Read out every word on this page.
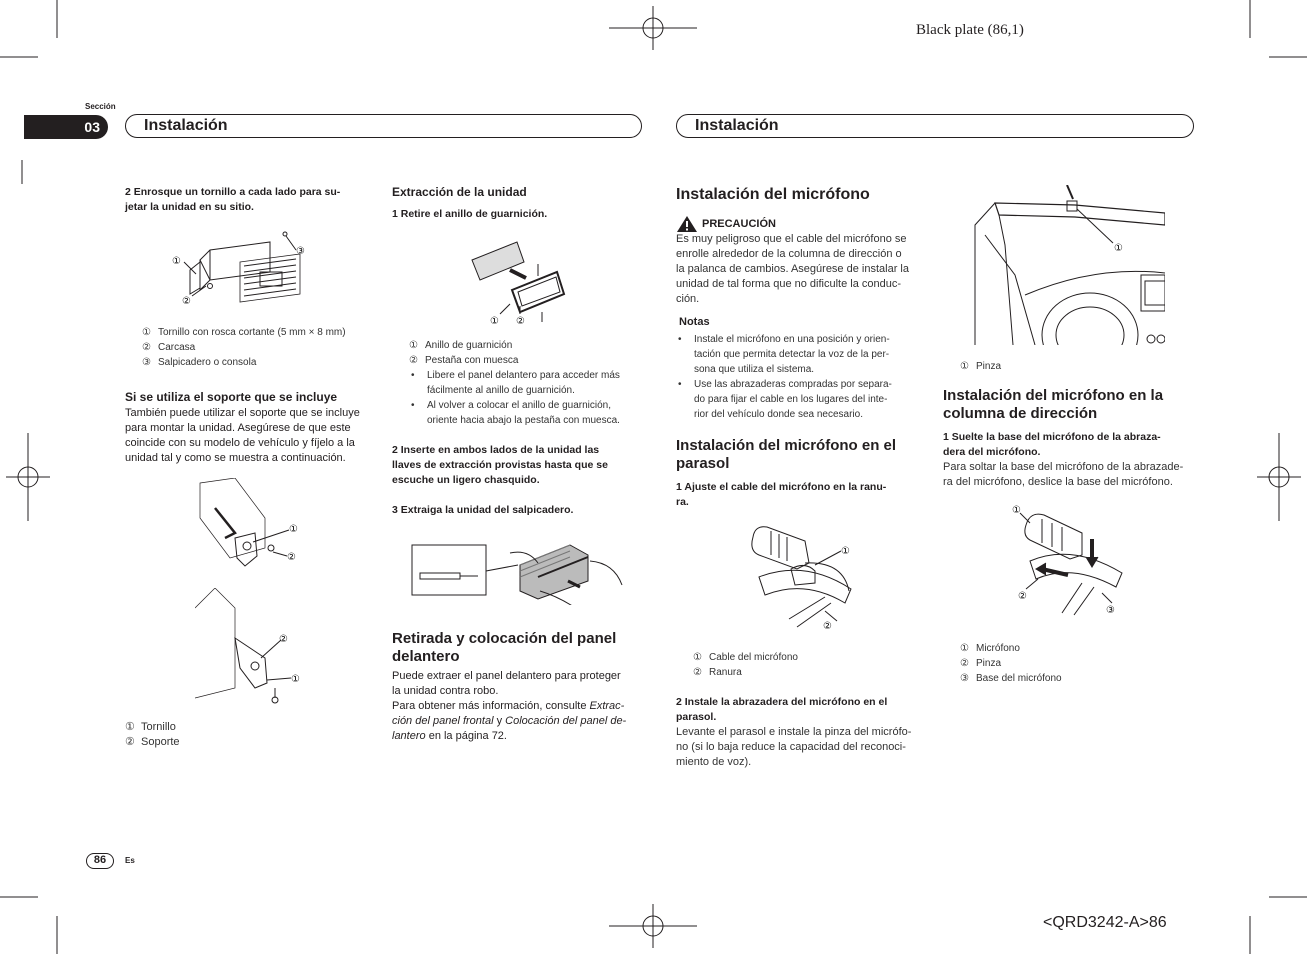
Black plate (86,1)
<QRD3242-A>86
Sección
03	Instalación	Instalación
2 Enrosque un tornillo a cada lado para su-
jetar la unidad en su sitio.
①
②
③
① Tornillo con rosca cortante (5 mm × 8 mm)
② Carcasa
③ Salpicadero o consola
Si se utiliza el soporte que se incluye

También puede utilizar el soporte que se incluye

para montar la unidad. Asegúrese de que este

coincide con su modelo de vehículo y fíjelo a la

unidad tal y como se muestra a continuación.

①
②
②
①
① Tornillo
② Soporte
Extracción de la unidad
1 Retire el anillo de guarnición.
① ②
① Anillo de guarnición
② Pestaña con muesca
• Libere el panel delantero para acceder más
fácilmente al anillo de guarnición.
• Al volver a colocar el anillo de guarnición,
oriente hacia abajo la pestaña con muesca.
2 Inserte en ambos lados de la unidad las
llaves de extracción provistas hasta que se
escuche un ligero chasquido.
3 Extraiga la unidad del salpicadero.
Retirada y colocación del panel
delantero

Puede extraer el panel delantero para proteger

la unidad contra robo.

Para obtener más información, consulte Extrac-

ción del panel frontal y Colocación del panel de-

lantero en la página 72.

Instalación del micrófono
PRECAUCIÓN

Es muy peligroso que el cable del micrófono se

enrolle alrededor de la columna de dirección o

la palanca de cambios. Asegúrese de instalar la

unidad de tal forma que no dificulte la conduc-

ción.

Notas
• Instale el micrófono en una posición y orien-
tación que permita detectar la voz de la per-
sona que utiliza el sistema.
• Use las abrazaderas compradas por separa-
do para fijar el cable en los lugares del inte-
rior del vehículo donde sea necesario.
Instalación del micrófono en el
parasol
1 Ajuste el cable del micrófono en la ranu-
ra.
①
②
① Cable del micrófono
② Ranura
2 Instale la abrazadera del micrófono en el
parasol.

Levante el parasol e instale la pinza del micrófo-

no (si lo baja reduce la capacidad del reconoci-

miento de voz).

①
① Pinza
Instalación del micrófono en la
columna de dirección
1 Suelte la base del micrófono de la abraza-
dera del micrófono.

Para soltar la base del micrófono de la abrazade-

ra del micrófono, deslice la base del micrófono.

①
②
③
① Micrófono
② Pinza
③ Base del micrófono
86	Es
